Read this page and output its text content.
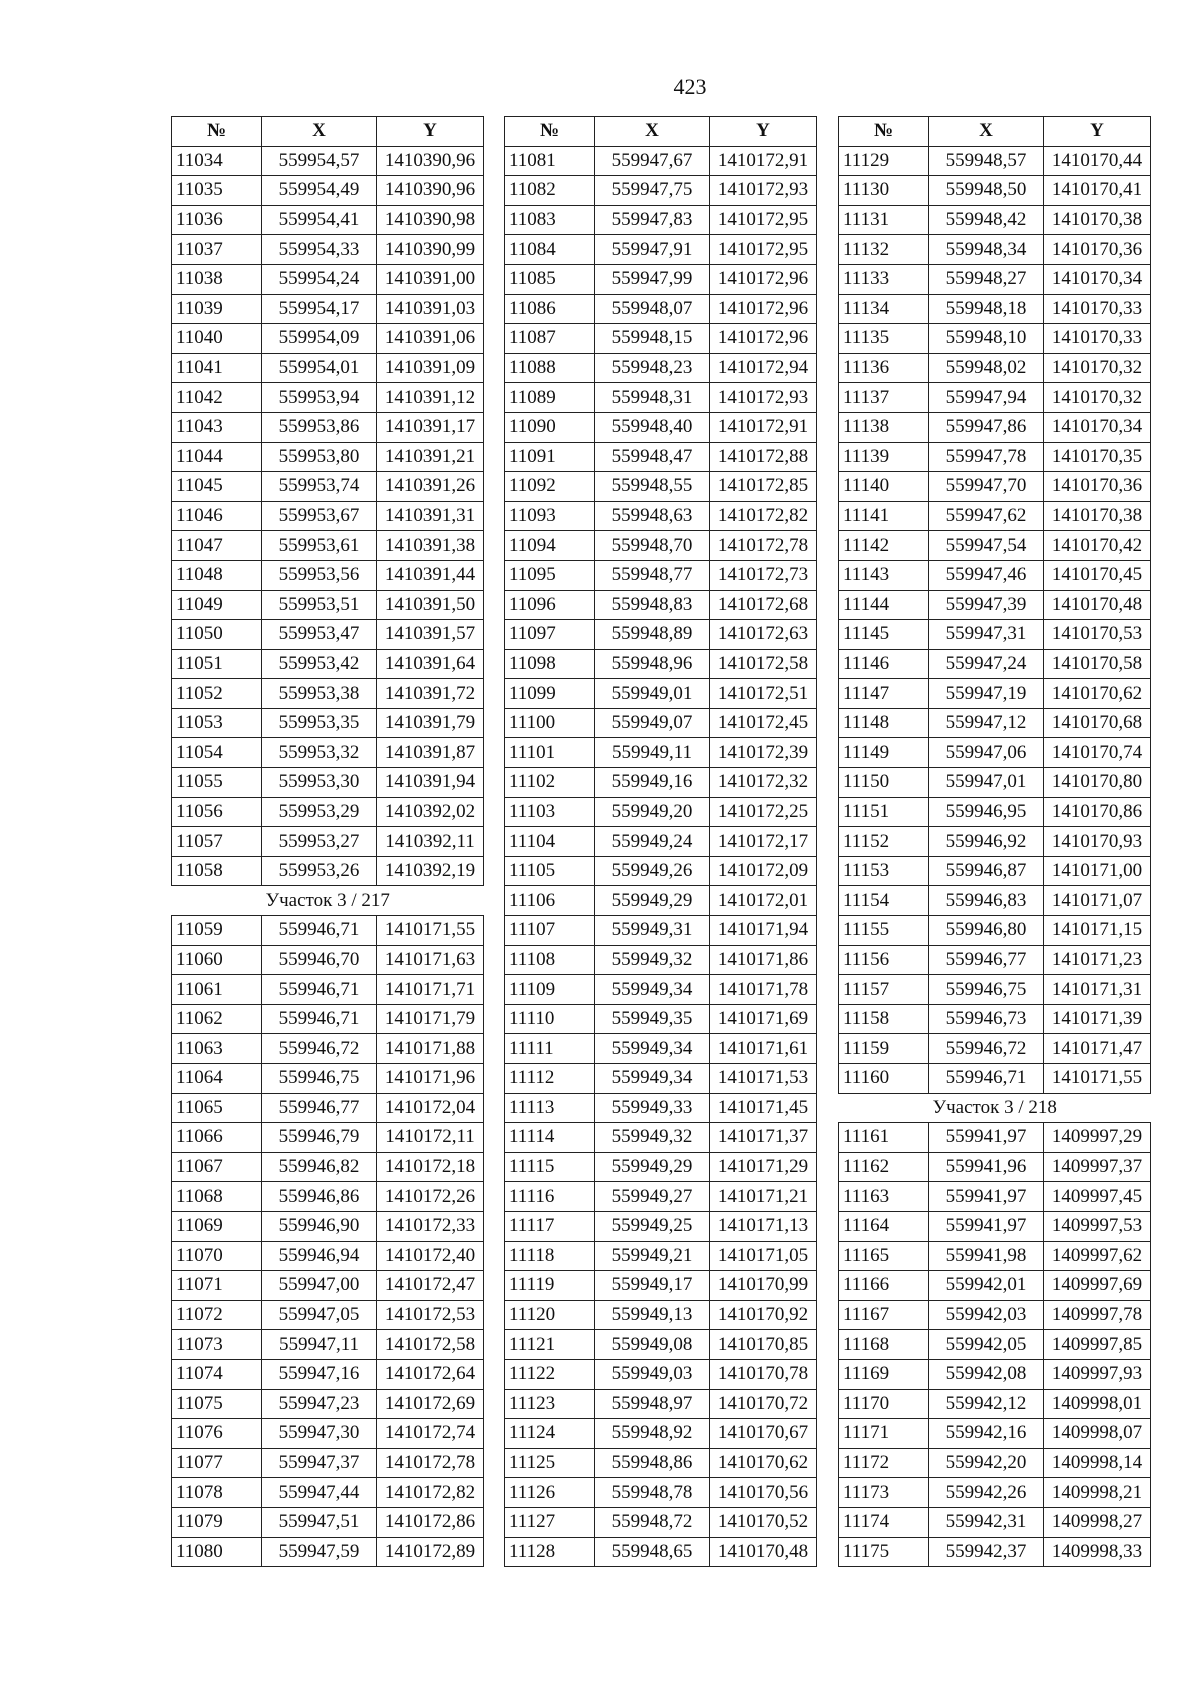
423
№	X	Y
11034	559954,57	1410390,96
11035	559954,49	1410390,96
11036	559954,41	1410390,98
11037	559954,33	1410390,99
11038	559954,24	1410391,00
11039	559954,17	1410391,03
11040	559954,09	1410391,06
11041	559954,01	1410391,09
11042	559953,94	1410391,12
11043	559953,86	1410391,17
11044	559953,80	1410391,21
11045	559953,74	1410391,26
11046	559953,67	1410391,31
11047	559953,61	1410391,38
11048	559953,56	1410391,44
11049	559953,51	1410391,50
11050	559953,47	1410391,57
11051	559953,42	1410391,64
11052	559953,38	1410391,72
11053	559953,35	1410391,79
11054	559953,32	1410391,87
11055	559953,30	1410391,94
11056	559953,29	1410392,02
11057	559953,27	1410392,11
11058	559953,26	1410392,19
Участок 3 / 217		
11059	559946,71	1410171,55
11060	559946,70	1410171,63
11061	559946,71	1410171,71
11062	559946,71	1410171,79
11063	559946,72	1410171,88
11064	559946,75	1410171,96
11065	559946,77	1410172,04
11066	559946,79	1410172,11
11067	559946,82	1410172,18
11068	559946,86	1410172,26
11069	559946,90	1410172,33
11070	559946,94	1410172,40
11071	559947,00	1410172,47
11072	559947,05	1410172,53
11073	559947,11	1410172,58
11074	559947,16	1410172,64
11075	559947,23	1410172,69
11076	559947,30	1410172,74
11077	559947,37	1410172,78
11078	559947,44	1410172,82
11079	559947,51	1410172,86
11080	559947,59	1410172,89
№	X	Y
11081	559947,67	1410172,91
11082	559947,75	1410172,93
11083	559947,83	1410172,95
11084	559947,91	1410172,95
11085	559947,99	1410172,96
11086	559948,07	1410172,96
11087	559948,15	1410172,96
11088	559948,23	1410172,94
11089	559948,31	1410172,93
11090	559948,40	1410172,91
11091	559948,47	1410172,88
11092	559948,55	1410172,85
11093	559948,63	1410172,82
11094	559948,70	1410172,78
11095	559948,77	1410172,73
11096	559948,83	1410172,68
11097	559948,89	1410172,63
11098	559948,96	1410172,58
11099	559949,01	1410172,51
11100	559949,07	1410172,45
11101	559949,11	1410172,39
11102	559949,16	1410172,32
11103	559949,20	1410172,25
11104	559949,24	1410172,17
11105	559949,26	1410172,09
11106	559949,29	1410172,01
11107	559949,31	1410171,94
11108	559949,32	1410171,86
11109	559949,34	1410171,78
11110	559949,35	1410171,69
11111	559949,34	1410171,61
11112	559949,34	1410171,53
11113	559949,33	1410171,45
11114	559949,32	1410171,37
11115	559949,29	1410171,29
11116	559949,27	1410171,21
11117	559949,25	1410171,13
11118	559949,21	1410171,05
11119	559949,17	1410170,99
11120	559949,13	1410170,92
11121	559949,08	1410170,85
11122	559949,03	1410170,78
11123	559948,97	1410170,72
11124	559948,92	1410170,67
11125	559948,86	1410170,62
11126	559948,78	1410170,56
11127	559948,72	1410170,52
11128	559948,65	1410170,48
№	X	Y
11129	559948,57	1410170,44
11130	559948,50	1410170,41
11131	559948,42	1410170,38
11132	559948,34	1410170,36
11133	559948,27	1410170,34
11134	559948,18	1410170,33
11135	559948,10	1410170,33
11136	559948,02	1410170,32
11137	559947,94	1410170,32
11138	559947,86	1410170,34
11139	559947,78	1410170,35
11140	559947,70	1410170,36
11141	559947,62	1410170,38
11142	559947,54	1410170,42
11143	559947,46	1410170,45
11144	559947,39	1410170,48
11145	559947,31	1410170,53
11146	559947,24	1410170,58
11147	559947,19	1410170,62
11148	559947,12	1410170,68
11149	559947,06	1410170,74
11150	559947,01	1410170,80
11151	559946,95	1410170,86
11152	559946,92	1410170,93
11153	559946,87	1410171,00
11154	559946,83	1410171,07
11155	559946,80	1410171,15
11156	559946,77	1410171,23
11157	559946,75	1410171,31
11158	559946,73	1410171,39
11159	559946,72	1410171,47
11160	559946,71	1410171,55
Участок 3 / 218		
11161	559941,97	1409997,29
11162	559941,96	1409997,37
11163	559941,97	1409997,45
11164	559941,97	1409997,53
11165	559941,98	1409997,62
11166	559942,01	1409997,69
11167	559942,03	1409997,78
11168	559942,05	1409997,85
11169	559942,08	1409997,93
11170	559942,12	1409998,01
11171	559942,16	1409998,07
11172	559942,20	1409998,14
11173	559942,26	1409998,21
11174	559942,31	1409998,27
11175	559942,37	1409998,33
